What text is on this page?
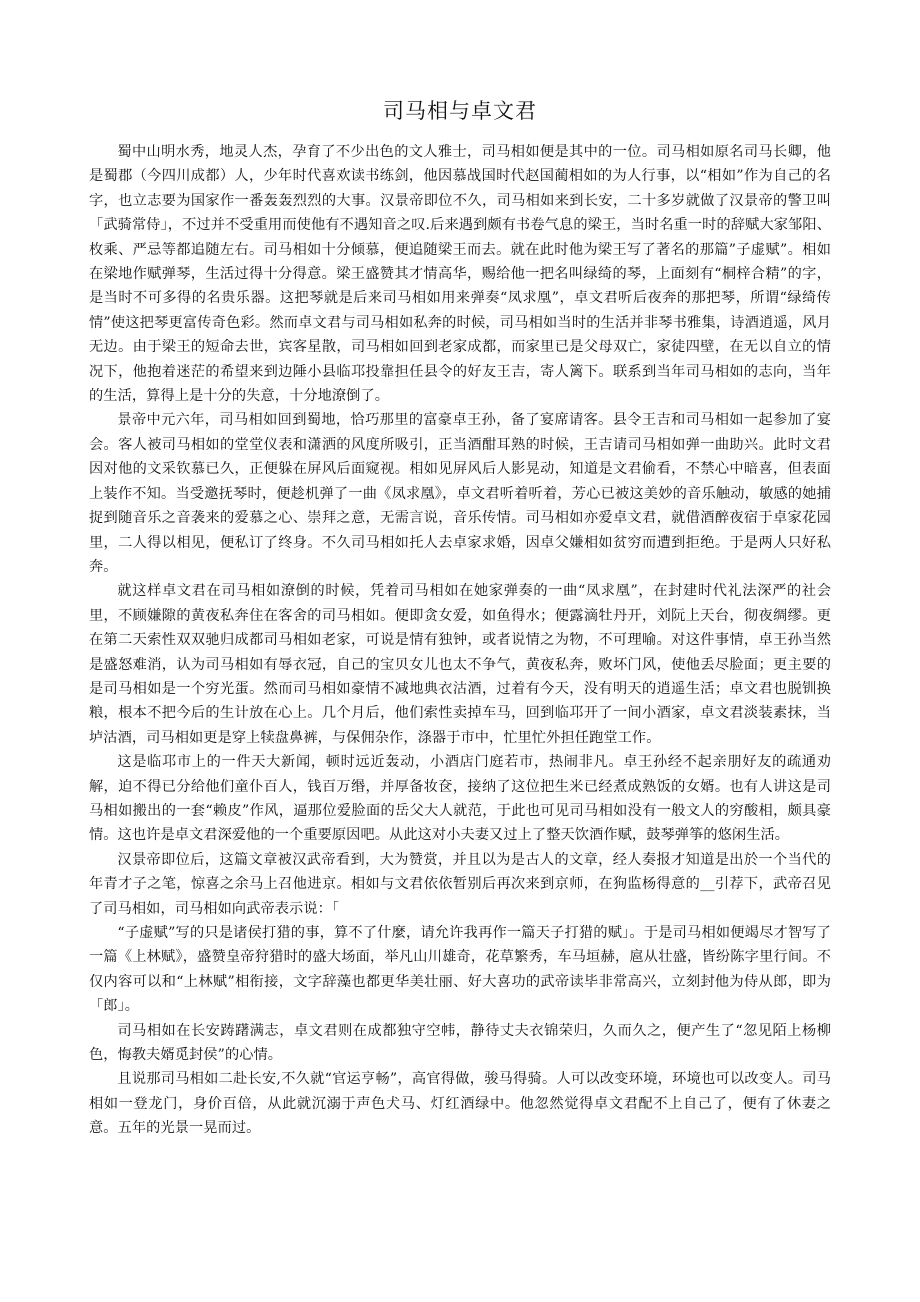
司马相与卓文君

蜀中山明水秀，地灵人杰，孕育了不少出色的文人雅士，司马相如便是其中的一位。司马相如原名司马长卿，他是蜀郡（今四川成都）人，少年时代喜欢读书练剑，他因慕战国时代赵国蔺相如的为人行事，以“相如”作为自己的名字，也立志要为国家作一番轰轰烈烈的大事。汉景帝即位不久，司马相如来到长安，二十多岁就做了汉景帝的警卫叫「武骑常侍」，不过并不受重用而使他有不遇知音之叹.后来遇到颇有书卷气息的梁王，当时名重一时的辞赋大家邹阳、枚乘、严忌等都追随左右。司马相如十分倾慕，便追随梁王而去。就在此时他为梁王写了著名的那篇”子虚赋”。相如在梁地作赋弹琴，生活过得十分得意。梁王盛赞其才情高华，赐给他一把名叫绿绮的琴，上面刻有“桐梓合精”的字，是当时不可多得的名贵乐器。这把琴就是后来司马相如用来弹奏“凤求凰”，卓文君听后夜奔的那把琴，所谓“绿绮传情”使这把琴更富传奇色彩。然而卓文君与司马相如私奔的时候，司马相如当时的生活并非琴书雅集，诗酒逍遥，风月无边。由于梁王的短命去世，宾客星散，司马相如回到老家成都，而家里已是父母双亡，家徒四壁，在无以自立的情况下，他抱着迷茫的希望来到边陲小县临邛投靠担任县令的好友王吉，寄人篱下。联系到当年司马相如的志向，当年的生活，算得上是十分的失意，十分地潦倒了。

景帝中元六年，司马相如回到蜀地，恰巧那里的富豪卓王孙，备了宴席请客。县令王吉和司马相如一起参加了宴会。客人被司马相如的堂堂仪表和潇洒的风度所吸引，正当酒酣耳熟的时候，王吉请司马相如弹一曲助兴。此时文君因对他的文采钦慕已久，正便躲在屏风后面窥视。相如见屏风后人影晃动，知道是文君偷看，不禁心中暗喜，但表面上装作不知。当受邀抚琴时，便趁机弹了一曲《凤求凰》，卓文君听着听着，芳心已被这美妙的音乐触动，敏感的她捕捉到随音乐之音袭来的爱慕之心、崇拜之意，无需言说，音乐传情。司马相如亦爱卓文君，就借酒醉夜宿于卓家花园里，二人得以相见，便私订了终身。不久司马相如托人去卓家求婚，因卓父嫌相如贫穷而遭到拒绝。于是两人只好私奔。

就这样卓文君在司马相如潦倒的时候，凭着司马相如在她家弹奏的一曲“凤求凰”，在封建时代礼法深严的社会里，不顾嫌隙的黄夜私奔住在客舍的司马相如。便即贪女爱，如鱼得水；便露滴牡丹开，刘阮上天台，彻夜绸缪。更在第二天索性双双驰归成都司马相如老家，可说是情有独钟，或者说情之为物，不可理喻。对这件事情，卓王孙当然是盛怒难消，认为司马相如有辱衣冠，自己的宝贝女儿也太不争气，黄夜私奔，败坏门风，使他丢尽脸面；更主要的是司马相如是一个穷光蛋。然而司马相如豪情不减地典衣沽酒，过着有今天，没有明天的逍遥生活；卓文君也脱钏换粮，根本不把今后的生计放在心上。几个月后，他们索性卖掉车马，回到临邛开了一间小酒家，卓文君淡装素抹，当垆沽酒，司马相如更是穿上犊盘鼻裤，与保佣杂作，涤器于市中，忙里忙外担任跑堂工作。

这是临邛市上的一件天大新闻，顿时远近轰动，小酒店门庭若市，热闹非凡。卓王孙经不起亲朋好友的疏通劝解，迫不得已分给他们童仆百人，钱百万缗，并厚备妆奁，接纳了这位把生米已经煮成熟饭的女婿。也有人讲这是司马相如搬出的一套“赖皮”作风，逼那位爱脸面的岳父大人就范，于此也可见司马相如没有一般文人的穷酸相，颇具豪情。这也许是卓文君深爱他的一个重要原因吧。从此这对小夫妻又过上了整天饮酒作赋，鼓琴弹筝的悠闲生活。

汉景帝即位后，这篇文章被汉武帝看到，大为赞赏，并且以为是古人的文章，经人奏报才知道是出於一个当代的年青才子之笔，惊喜之余马上召他进京。相如与文君依依暂别后再次来到京师，在狗监杨得意的__引荐下，武帝召见了司马相如，司马相如向武帝表示说：「

“子虚赋”写的只是诸侯打猎的事，算不了什麼，请允许我再作一篇天子打猎的赋」。于是司马相如便竭尽才智写了一篇《上林赋》，盛赞皇帝狩猎时的盛大场面，举凡山川雄奇，花草繁秀，车马垣赫，扈从壮盛，皆纷陈字里行间。不仅内容可以和“上林赋”相衔接，文字辞藻也都更华美壮丽、好大喜功的武帝读毕非常高兴，立刻封他为侍从郎，即为「郎」。

司马相如在长安踌躇满志，卓文君则在成都独守空帏，静待丈夫衣锦荣归，久而久之，便产生了“忽见陌上杨柳色，悔教夫婿觅封侯”的心情。

且说那司马相如二赴长安,不久就“官运亨畅”，高官得做，骏马得骑。人可以改变环境，环境也可以改变人。司马相如一登龙门，身价百倍，从此就沉溺于声色犬马、灯红酒绿中。他忽然觉得卓文君配不上自己了，便有了休妻之意。五年的光景一晃而过。
